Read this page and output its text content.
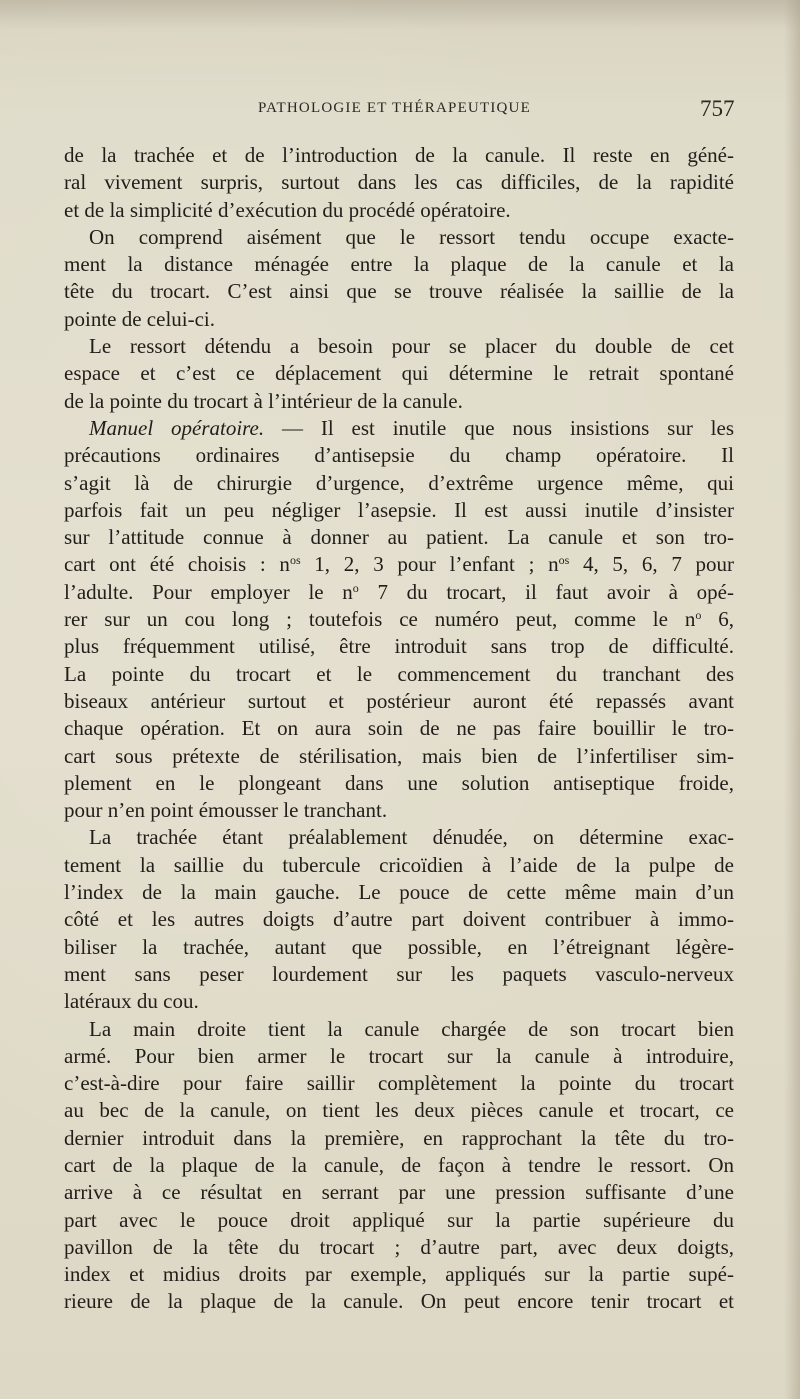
PATHOLOGIE ET THÉRAPEUTIQUE	757
de la trachée et de l’introduction de la canule. Il reste en géné-
ral vivement surpris, surtout dans les cas difficiles, de la rapidité
et de la simplicité d’exécution du procédé opératoire.
On comprend aisément que le ressort tendu occupe exacte-
ment la distance ménagée entre la plaque de la canule et la
tête du trocart. C’est ainsi que se trouve réalisée la saillie de la
pointe de celui-ci.
Le ressort détendu a besoin pour se placer du double de cet
espace et c’est ce déplacement qui détermine le retrait spontané
de la pointe du trocart à l’intérieur de la canule.
Manuel opératoire. — Il est inutile que nous insistions sur les
précautions ordinaires d’antisepsie du champ opératoire. Il
s’agit là de chirurgie d’urgence, d’extrême urgence même, qui
parfois fait un peu négliger l’asepsie. Il est aussi inutile d’insister
sur l’attitude connue à donner au patient. La canule et son tro-
cart ont été choisis : $n^{os}$ 1, 2, 3 pour l’enfant ; $n^{os}$ 4, 5, 6, 7 pour
l’adulte. Pour employer le $n^o$ 7 du trocart, il faut avoir à opé-
rer sur un cou long ; toutefois ce numéro peut, comme le $n^o$ 6,
plus fréquemment utilisé, être introduit sans trop de difficulté.
La pointe du trocart et le commencement du tranchant des
biseaux antérieur surtout et postérieur auront été repassés avant
chaque opération. Et on aura soin de ne pas faire bouillir le tro-
cart sous prétexte de stérilisation, mais bien de l’infertiliser sim-
plement en le plongeant dans une solution antiseptique froide,
pour n’en point émousser le tranchant.
La trachée étant préalablement dénudée, on détermine exac-
tement la saillie du tubercule cricoïdien à l’aide de la pulpe de
l’index de la main gauche. Le pouce de cette même main d’un
côté et les autres doigts d’autre part doivent contribuer à immo-
biliser la trachée, autant que possible, en l’étreignant légère-
ment sans peser lourdement sur les paquets vasculo-nerveux
latéraux du cou.
La main droite tient la canule chargée de son trocart bien
armé. Pour bien armer le trocart sur la canule à introduire,
c’est-à-dire pour faire saillir complètement la pointe du trocart
au bec de la canule, on tient les deux pièces canule et trocart, ce
dernier introduit dans la première, en rapprochant la tête du tro-
cart de la plaque de la canule, de façon à tendre le ressort. On
arrive à ce résultat en serrant par une pression suffisante d’une
part avec le pouce droit appliqué sur la partie supérieure du
pavillon de la tête du trocart ; d’autre part, avec deux doigts,
index et midius droits par exemple, appliqués sur la partie supé-
rieure de la plaque de la canule. On peut encore tenir trocart et
